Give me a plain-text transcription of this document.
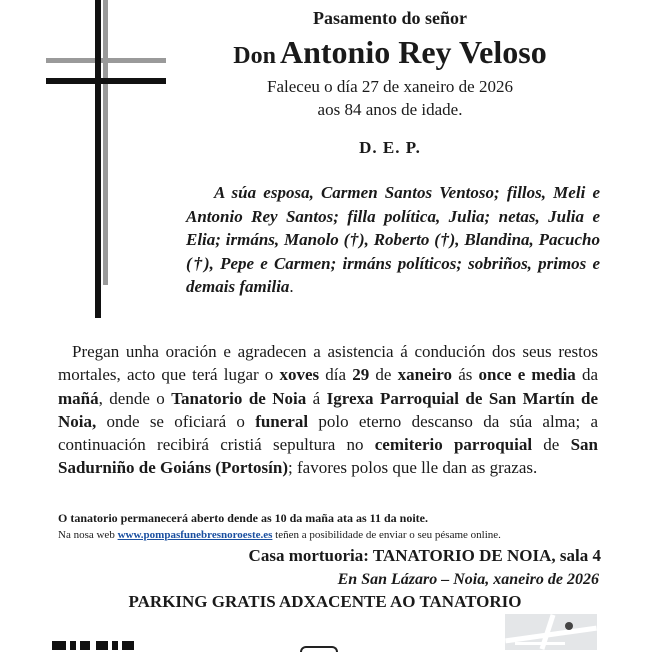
Pasamento do señor
Don Antonio Rey Veloso
Faleceu o día 27 de xaneiro de 2026
aos 84 anos de idade.
D. E. P.

A súa esposa, Carmen Santos Ventoso; fillos, Meli e Antonio Rey Santos; filla política, Julia; netas, Julia e Elia; irmáns, Manolo (†), Roberto (†), Blandina, Pacucho (†), Pepe e Carmen; irmáns políticos; sobriños, primos e demais familia.

Pregan unha oración e agradecen a asistencia á condución dos seus restos mortales, acto que terá lugar o xoves día 29 de xaneiro ás once e media da mañá, dende o Tanatorio de Noia á Igrexa Parroquial de San Martín de Noia, onde se oficiará o funeral polo eterno descanso da súa alma; a continuación recibirá cristiá sepultura no cemiterio parroquial de San Sadurniño de Goiáns (Portosín); favores polos que lle dan as grazas.

O tanatorio permanecerá aberto dende as 10 da maña ata as 11 da noite.
Na nosa web www.pompasfunebresnoroeste.es teñen a posibilidade de enviar o seu pésame online.
Casa mortuoria: TANATORIO DE NOIA, sala 4
En San Lázaro – Noia, xaneiro de 2026
PARKING GRATIS ADXACENTE AO TANATORIO
